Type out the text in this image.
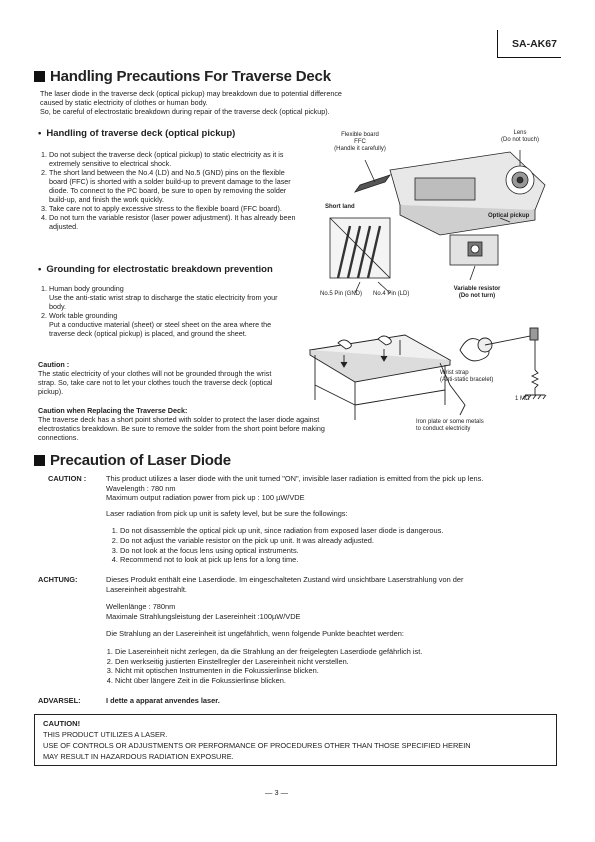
SA-AK67
Handling Precautions For Traverse Deck
The laser diode in the traverse deck (optical pickup) may breakdown due to potential difference
caused by static electricity of clothes or human body.
So, be careful of electrostatic breakdown during repair of the traverse deck (optical pickup).
• Handling of traverse deck (optical pickup)
1. Do not subject the traverse deck (optical pickup) to static electricity as it is extremely sensitive to electrical shock.
2. The short land between the No.4 (LD) and No.5 (GND) pins on the flexible board (FFC) is shorted with a solder build-up to prevent damage to the laser diode. To connect to the PC board, be sure to open by removing the solder build-up, and finish the work quickly.
3. Take care not to apply excessive stress to the flexible board (FFC board).
4. Do not turn the variable resistor (laser power adjustment). It has already been adjusted.
Flexible board
FFC
(Handle it carefully)
Lens
(Do not touch)
Short land
Optical pickup
No.5 Pin (GND) No.4 Pin (LD)
Variable resistor
(Do not turn)
• Grounding for electrostatic breakdown prevention
1. Human body grounding
Use the anti-static wrist strap to discharge the static electricity from your body.
2. Work table grounding
Put a conductive material (sheet) or steel sheet on the area where the traverse deck (optical pickup) is placed, and ground the sheet.
Caution :
The static electricity of your clothes will not be grounded through the wrist strap. So, take care not to let your clothes touch the traverse deck (optical pickup).
Caution when Replacing the Traverse Deck:
The traverse deck has a short point shorted with solder to protect the laser diode against electrostatics breakdown. Be sure to remove the solder from the short point before making connections.
Wrist strap
(Anti-static bracelet)
1 MΩ
Iron plate or some metals
to conduct electricity
Precaution of Laser Diode
CAUTION :	This product utilizes a laser diode with the unit turned "ON", invisible laser radiation is emitted from the pick up lens.
Wavelength : 780 nm
Maximum output radiation power from pick up : 100 µW/VDE
Laser radiation from pick up unit is safety level, but be sure the followings:
1. Do not disassemble the optical pick up unit, since radiation from exposed laser diode is dangerous.
2. Do not adjust the variable resistor on the pick up unit. It was already adjusted.
3. Do not look at the focus lens using optical instruments.
4. Recommend not to look at pick up lens for a long time.
ACHTUNG:	Dieses Produkt enthält eine Laserdiode. Im eingeschalteten Zustand wird unsichtbare Laserstrahlung von der
Lasereinheit abgestrahlt.
Wellenlänge : 780nm
Maximale Strahlungsleistung der Lasereinheit :100µW/VDE
Die Strahlung an der Lasereinheit ist ungefährlich, wenn folgende Punkte beachtet werden:
1. Die Lasereinheit nicht zerlegen, da die Strahlung an der freigelegten Laserdiode gefährlich ist.
2. Den werkseitig justierten Einstellregler der Lasereinheit nicht verstellen.
3. Nicht mit optischen Instrumenten in die Fokussierlinse blicken.
4. Nicht über längere Zeit in die Fokussierlinse blicken.
ADVARSEL:	I dette a apparat anvendes laser.
CAUTION!
THIS PRODUCT UTILIZES A LASER.
USE OF CONTROLS OR ADJUSTMENTS OR PERFORMANCE OF PROCEDURES OTHER THAN THOSE SPECIFIED HEREIN
MAY RESULT IN HAZARDOUS RADIATION EXPOSURE.
— 3 —
